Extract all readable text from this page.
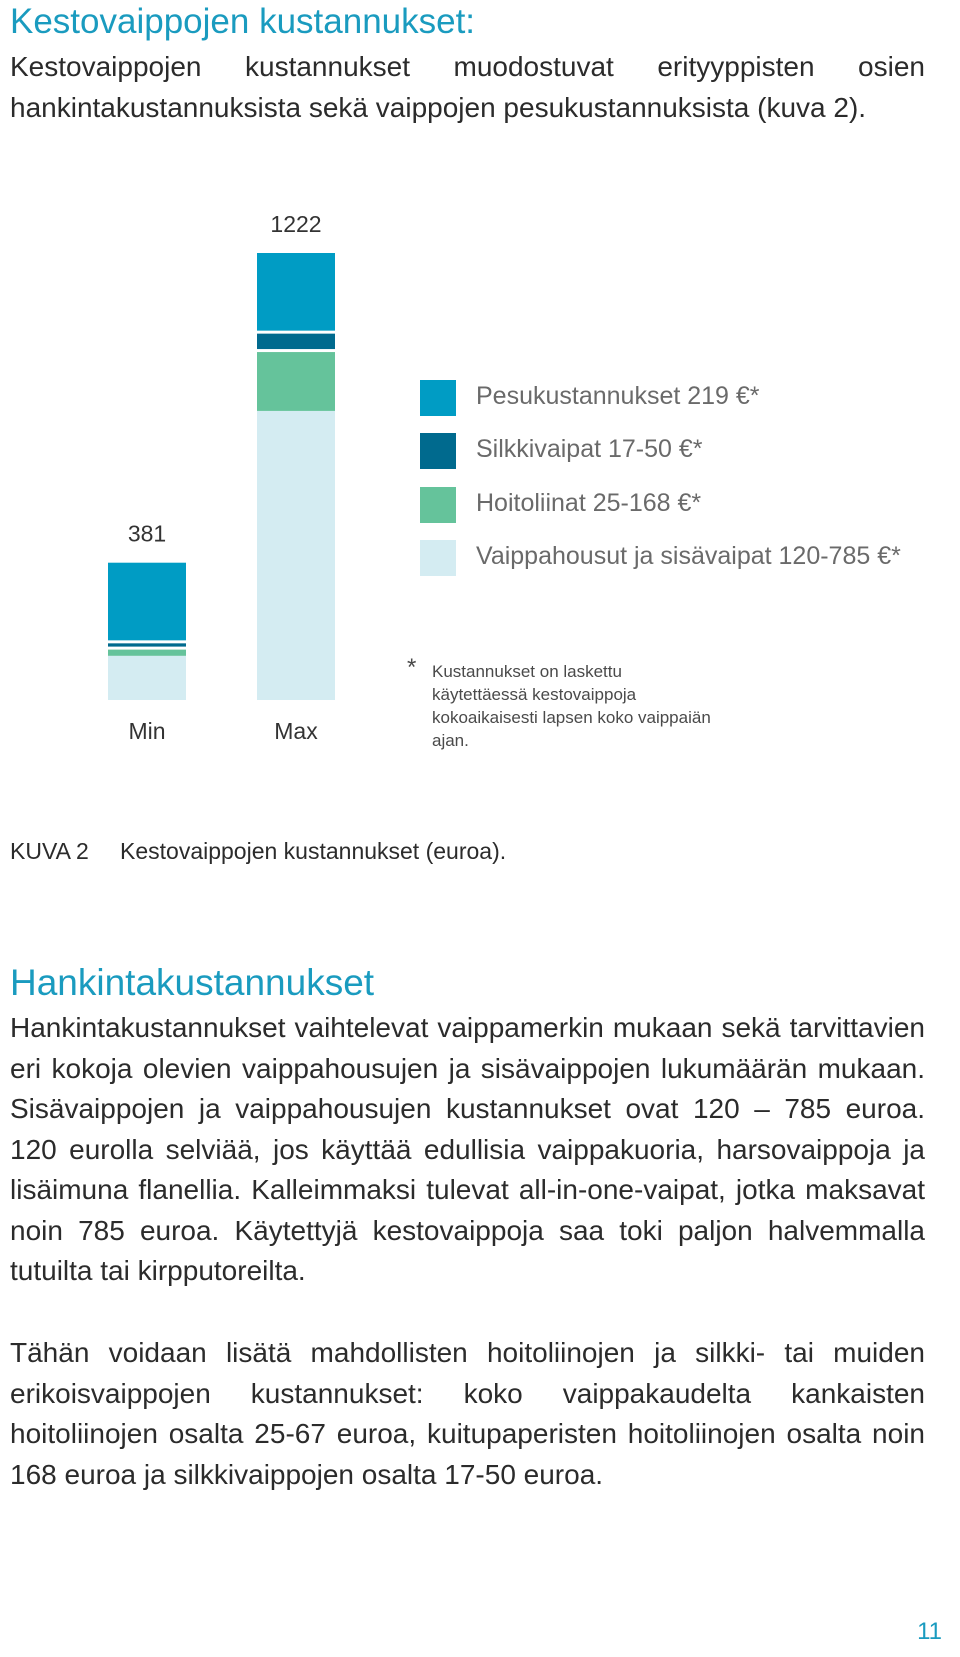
Kestovaippojen kustannukset:

Kestovaippojen kustannukset muodostuvat erityyppisten osien hankintakustannuksista sekä vaippojen pesukustannuksista (kuva 2).

381
Min
1222
Max
Pesukustannukset 219 €*
Silkkivaipat 17-50 €*
Hoitoliinat 25-168 €*
Vaippahousut ja sisävaipat 120-785 €*
* Kustannukset on laskettu käytettäessä kestovaippoja kokoaikaisesti lapsen koko vaippaiän ajan.
KUVA 2 Kestovaippojen kustannukset (euroa).
Hankintakustannukset

Hankintakustannukset vaihtelevat vaippamerkin mukaan sekä tarvittavien eri kokoja olevien vaippahousujen ja sisävaippojen lukumäärän mukaan. Sisävaippojen ja vaippahousujen kustannukset ovat 120 – 785 euroa. 120 eurolla selviää, jos käyttää edullisia vaippakuoria, harsovaippoja ja lisäimuna flanellia. Kalleimmaksi tulevat all-in-one-vaipat, jotka maksavat noin 785 euroa. Käytettyjä kestovaippoja saa toki paljon halvemmalla tutuilta tai kirpputoreilta.

Tähän voidaan lisätä mahdollisten hoitoliinojen ja silkki- tai muiden erikoisvaippojen kustannukset: koko vaippakaudelta kankaisten hoitoliinojen osalta 25-67 euroa, kuitupaperisten hoitoliinojen osalta noin 168 euroa ja silkkivaippojen osalta 17-50 euroa.

11
